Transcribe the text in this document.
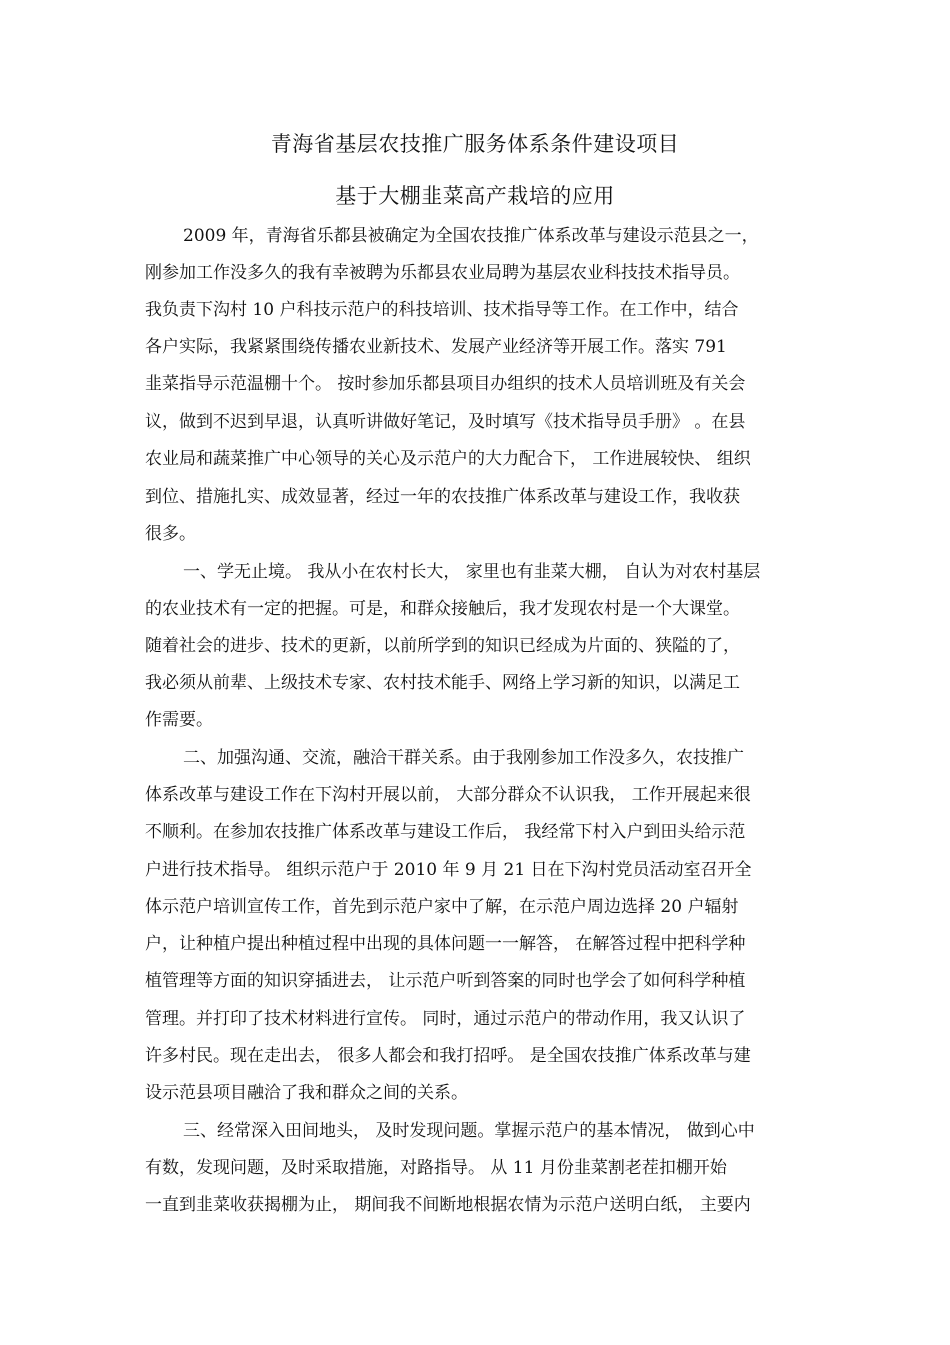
青海省基层农技推广服务体系条件建设项目
基于大棚韭菜高产栽培的应用
2009 年，青海省乐都县被确定为全国农技推广体系改革与建设示范县之一，
刚参加工作没多久的我有幸被聘为乐都县农业局聘为基层农业科技技术指导员。
我负责下沟村 10 户科技示范户的科技培训、技术指导等工作。在工作中，结合
各户实际，我紧紧围绕传播农业新技术、发展产业经济等开展工作。落实 791
韭菜指导示范温棚十个。 按时参加乐都县项目办组织的技术人员培训班及有关会
议，做到不迟到早退，认真听讲做好笔记，及时填写《技术指导员手册》 。在县
农业局和蔬菜推广中心领导的关心及示范户的大力配合下， 工作进展较快、 组织
到位、措施扎实、成效显著，经过一年的农技推广体系改革与建设工作，我收获
很多。
一、学无止境。 我从小在农村长大， 家里也有韭菜大棚， 自认为对农村基层
的农业技术有一定的把握。可是，和群众接触后，我才发现农村是一个大课堂。
随着社会的进步、技术的更新，以前所学到的知识已经成为片面的、狭隘的了，
我必须从前辈、上级技术专家、农村技术能手、网络上学习新的知识，以满足工
作需要。
二、加强沟通、交流，融洽干群关系。由于我刚参加工作没多久，农技推广
体系改革与建设工作在下沟村开展以前， 大部分群众不认识我， 工作开展起来很
不顺利。在参加农技推广体系改革与建设工作后， 我经常下村入户到田头给示范
户进行技术指导。 组织示范户于 2010 年 9 月 21 日在下沟村党员活动室召开全
体示范户培训宣传工作，首先到示范户家中了解，在示范户周边选择 20 户辐射
户，让种植户提出种植过程中出现的具体问题一一解答， 在解答过程中把科学种
植管理等方面的知识穿插进去， 让示范户听到答案的同时也学会了如何科学种植
管理。并打印了技术材料进行宣传。 同时，通过示范户的带动作用，我又认识了
许多村民。现在走出去， 很多人都会和我打招呼。 是全国农技推广体系改革与建
设示范县项目融洽了我和群众之间的关系。
三、经常深入田间地头， 及时发现问题。掌握示范户的基本情况， 做到心中
有数，发现问题，及时采取措施，对路指导。 从 11 月份韭菜割老茬扣棚开始
一直到韭菜收获揭棚为止， 期间我不间断地根据农情为示范户送明白纸， 主要内
